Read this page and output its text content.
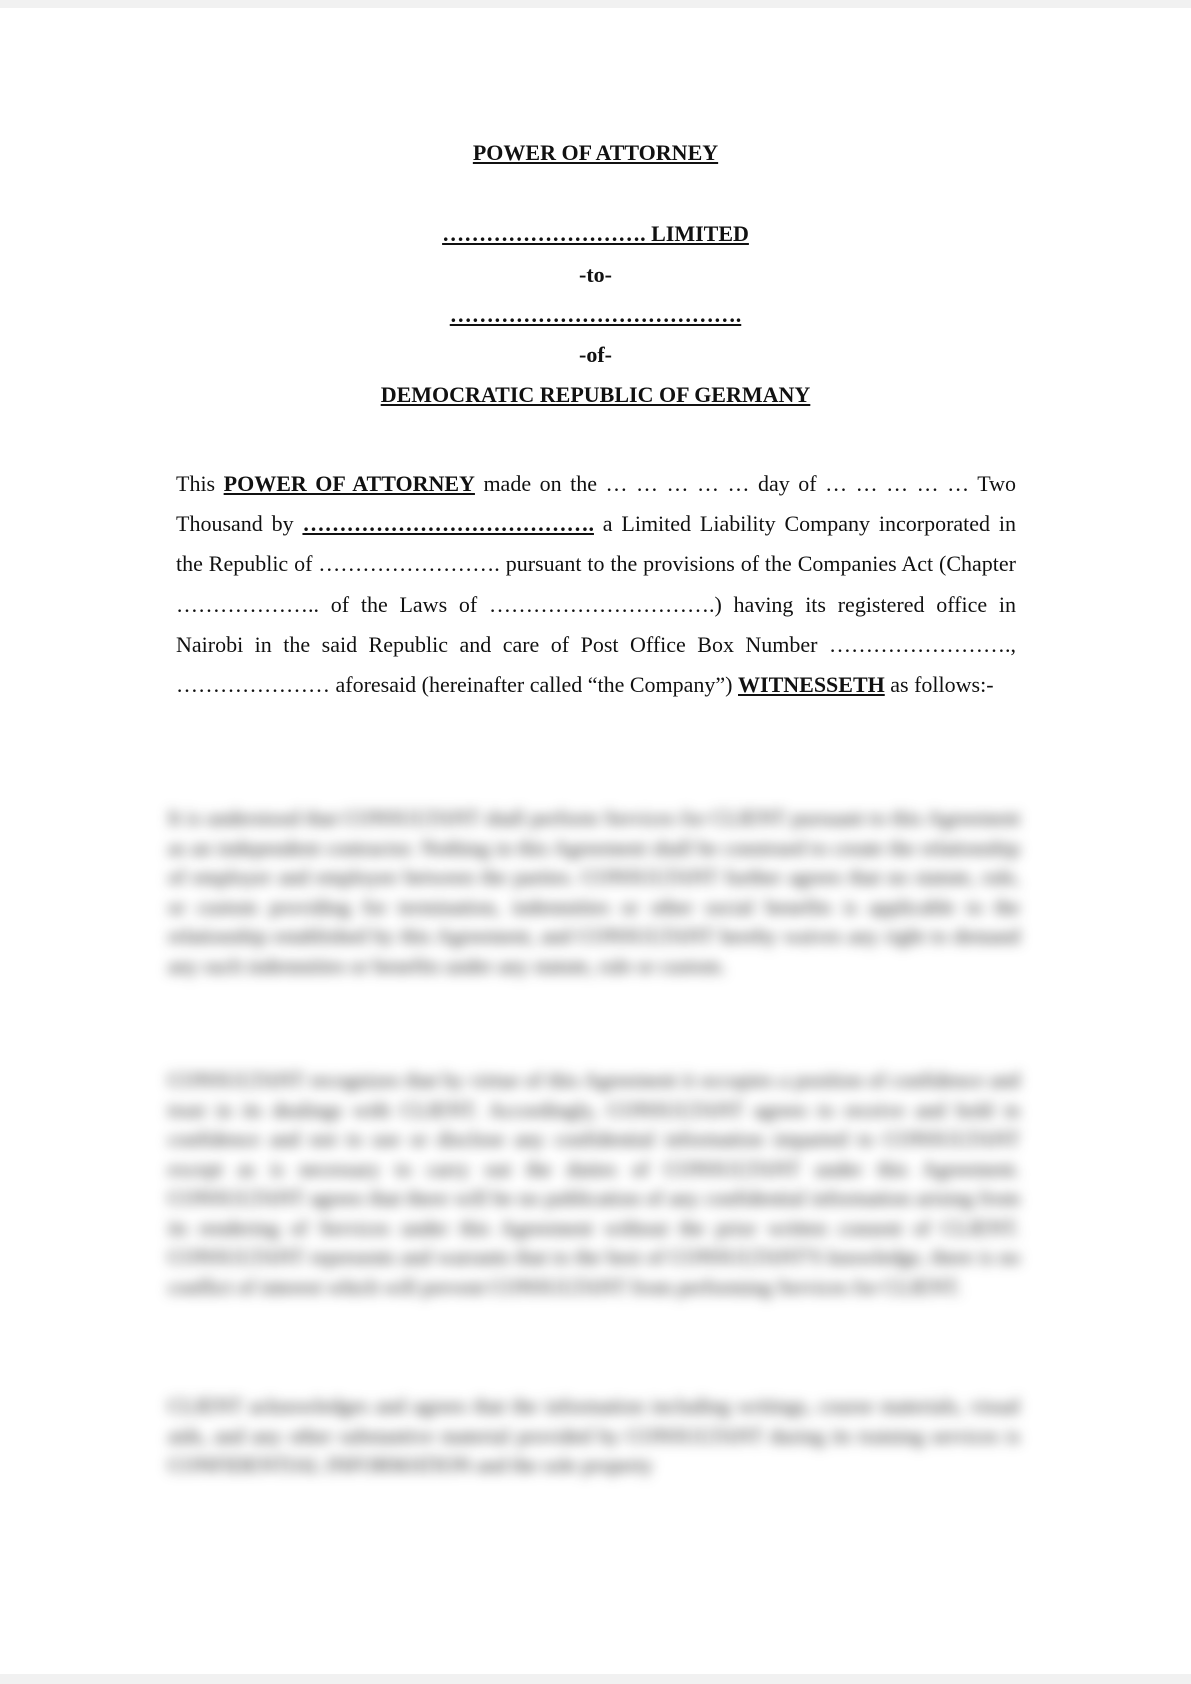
POWER OF ATTORNEY
………………………. LIMITED
-to-
………………………………….
-of-
DEMOCRATIC REPUBLIC OF GERMANY

This POWER OF ATTORNEY made on the … … … … … day of … … … … … Two Thousand by …………………………………. a Limited Liability Company incorporated in the Republic of ……………………. pursuant to the provisions of the Companies Act (Chapter ……………….. of the Laws of ………………………….) having its registered office in Nairobi in the said Republic and care of Post Office Box Number ……………………., ………………… aforesaid (hereinafter called “the Company”) WITNESSETH as follows:-

It is understood that CONSULTANT shall perform Services for CLIENT pursuant to this Agreement as an independent contractor. Nothing in this Agreement shall be construed to create the relationship of employer and employee between the parties. CONSULTANT further agrees that no statute, rule, or custom providing for termination, indemnities or other social benefits is applicable to the relationship established by this Agreement, and CONSULTANT hereby waives any right to demand any such indemnities or benefits under any statute, rule or custom.

CONSULTANT recognizes that by virtue of this Agreement it occupies a position of confidence and trust in its dealings with CLIENT. Accordingly, CONSULTANT agrees to receive and hold in confidence and not to use or disclose any confidential information imparted to CONSULTANT except as is necessary to carry out the duties of CONSULTANT under this Agreement. CONSULTANT agrees that there will be no publication of any confidential information arising from its rendering of Services under this Agreement without the prior written consent of CLIENT. CONSULTANT represents and warrants that to the best of CONSULTANT'S knowledge, there is no conflict of interest which will prevent CONSULTANT from performing Services for CLIENT.

CLIENT acknowledges and agrees that the information including writings, course materials, visual aids, and any other substantive material provided by CONSULTANT during its training services is CONFIDENTIAL INFORMATION and the sole property
